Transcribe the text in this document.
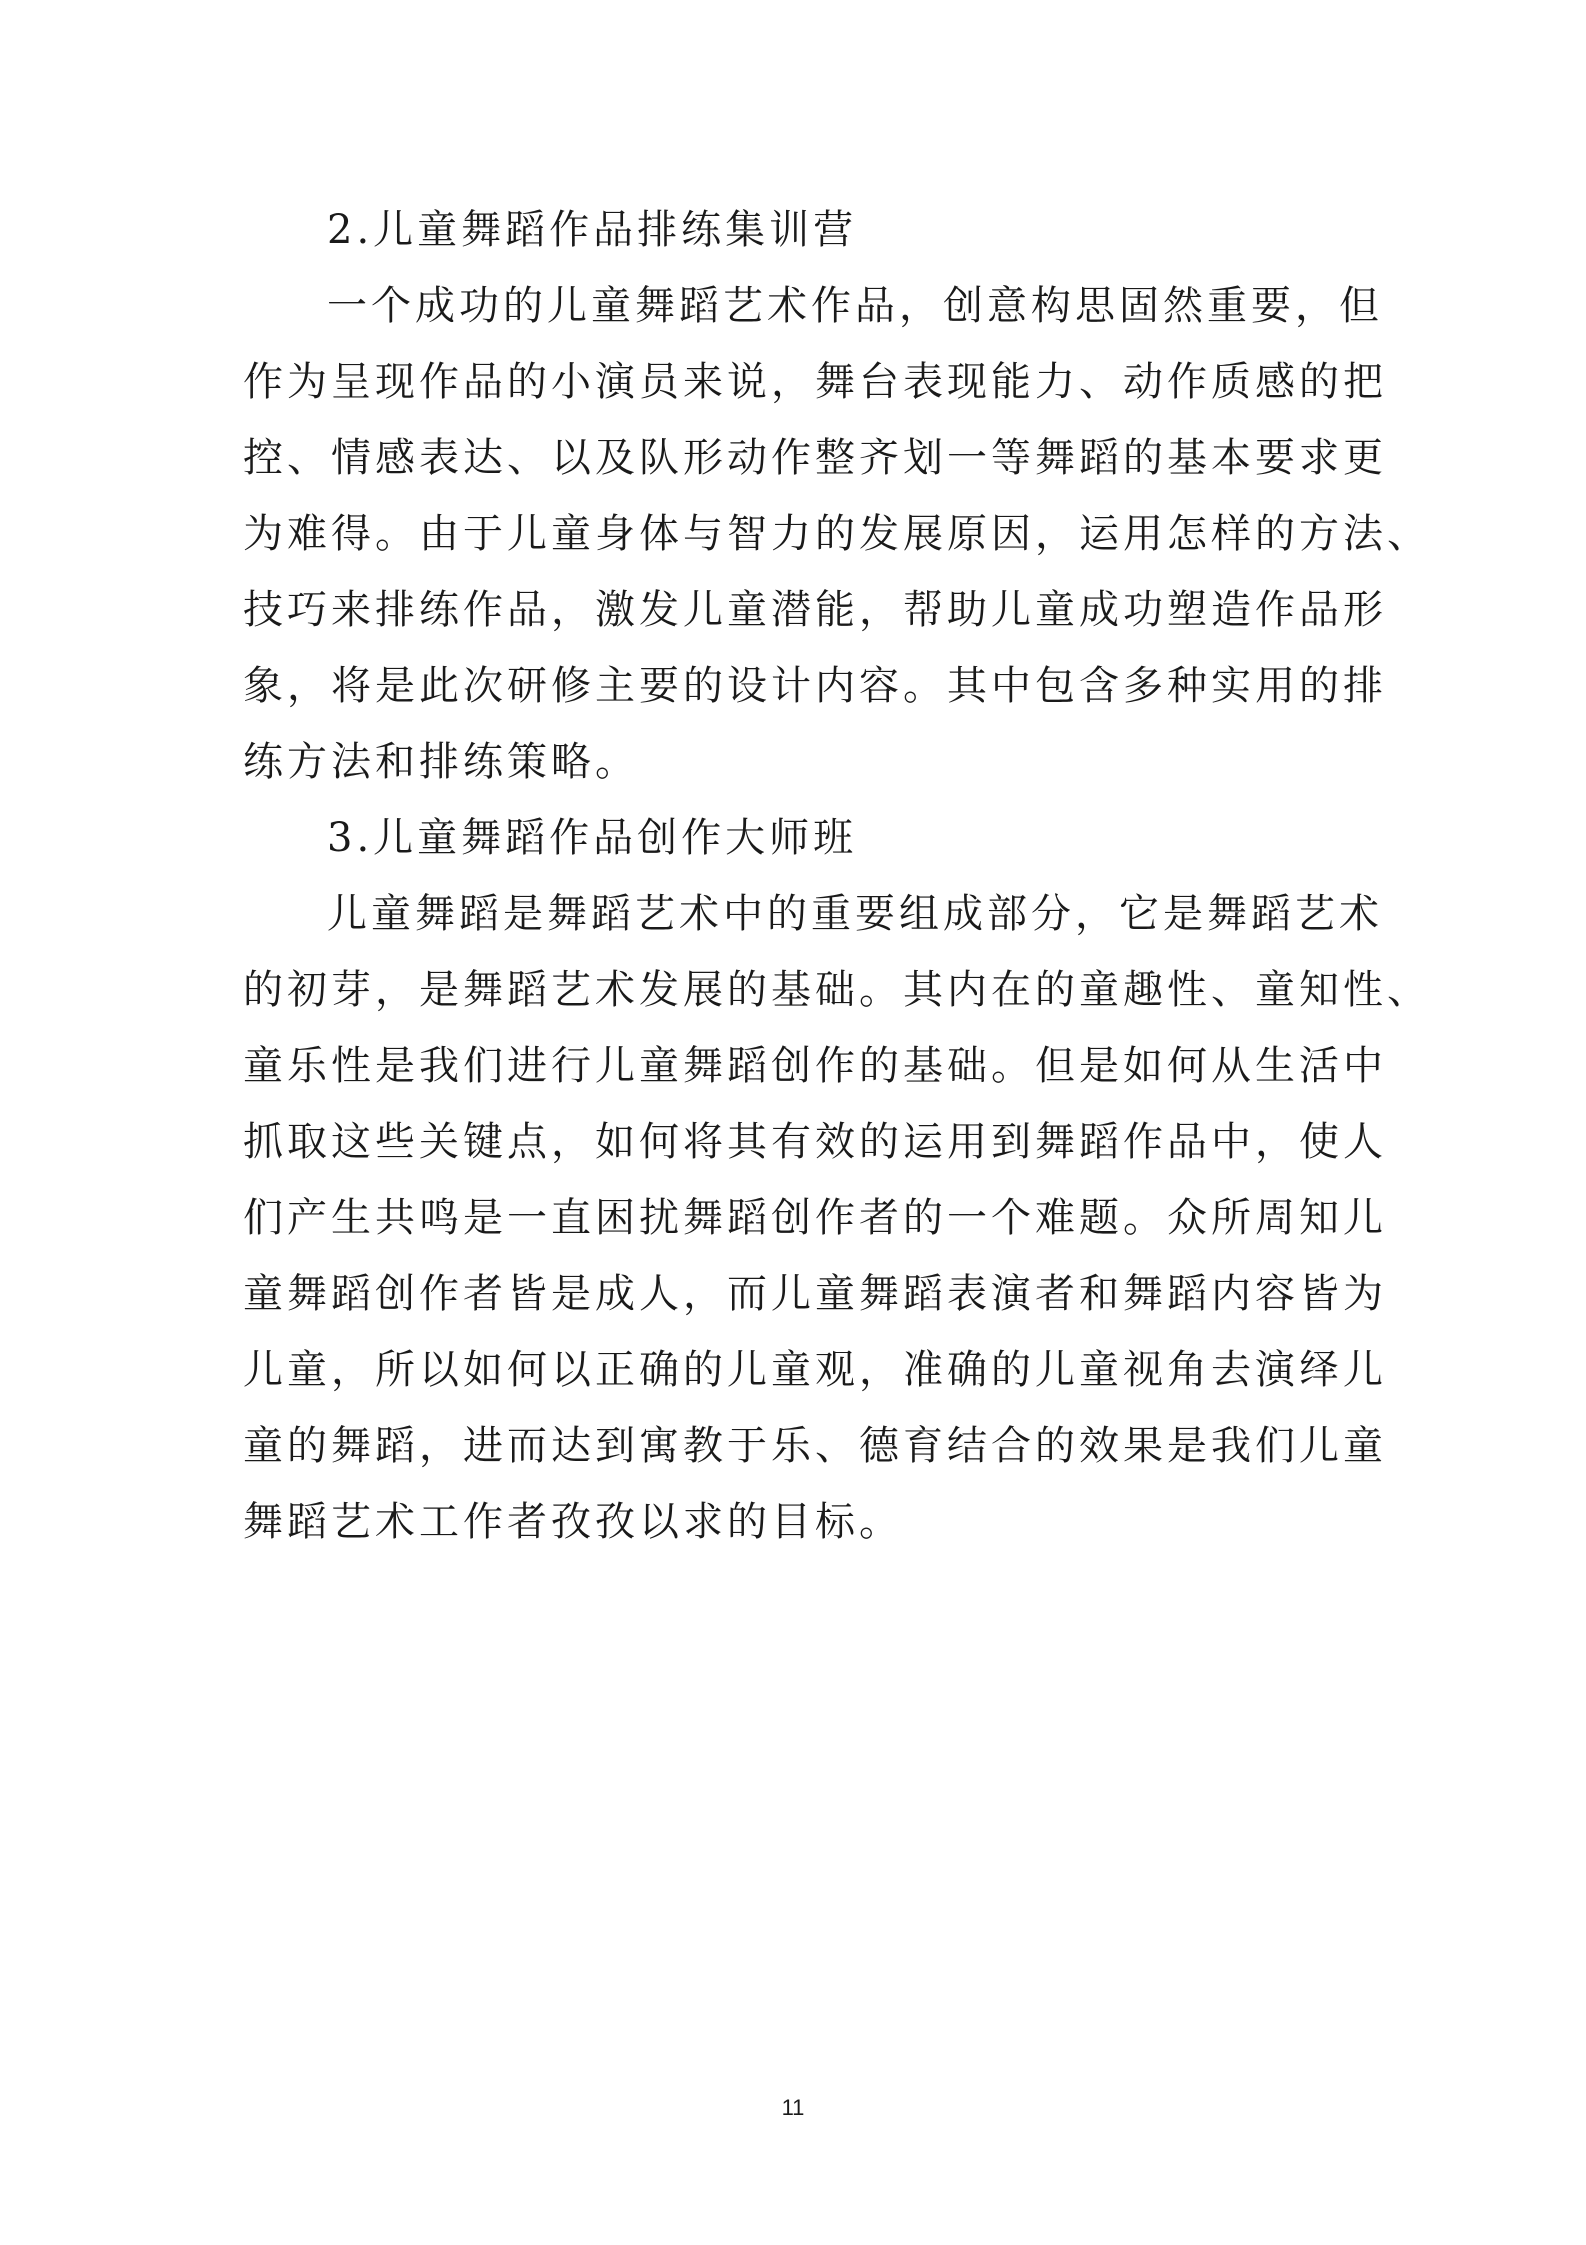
2.儿童舞蹈作品排练集训营
一个成功的儿童舞蹈艺术作品，创意构思固然重要，但
作为呈现作品的小演员来说，舞台表现能力、动作质感的把
控、情感表达、以及队形动作整齐划一等舞蹈的基本要求更
为难得。由于儿童身体与智力的发展原因，运用怎样的方法、
技巧来排练作品，激发儿童潜能，帮助儿童成功塑造作品形
象，将是此次研修主要的设计内容。其中包含多种实用的排
练方法和排练策略。
3.儿童舞蹈作品创作大师班
儿童舞蹈是舞蹈艺术中的重要组成部分，它是舞蹈艺术
的初芽，是舞蹈艺术发展的基础。其内在的童趣性、童知性、
童乐性是我们进行儿童舞蹈创作的基础。但是如何从生活中
抓取这些关键点，如何将其有效的运用到舞蹈作品中，使人
们产生共鸣是一直困扰舞蹈创作者的一个难题。众所周知儿
童舞蹈创作者皆是成人，而儿童舞蹈表演者和舞蹈内容皆为
儿童，所以如何以正确的儿童观，准确的儿童视角去演绎儿
童的舞蹈，进而达到寓教于乐、德育结合的效果是我们儿童
舞蹈艺术工作者孜孜以求的目标。
11
